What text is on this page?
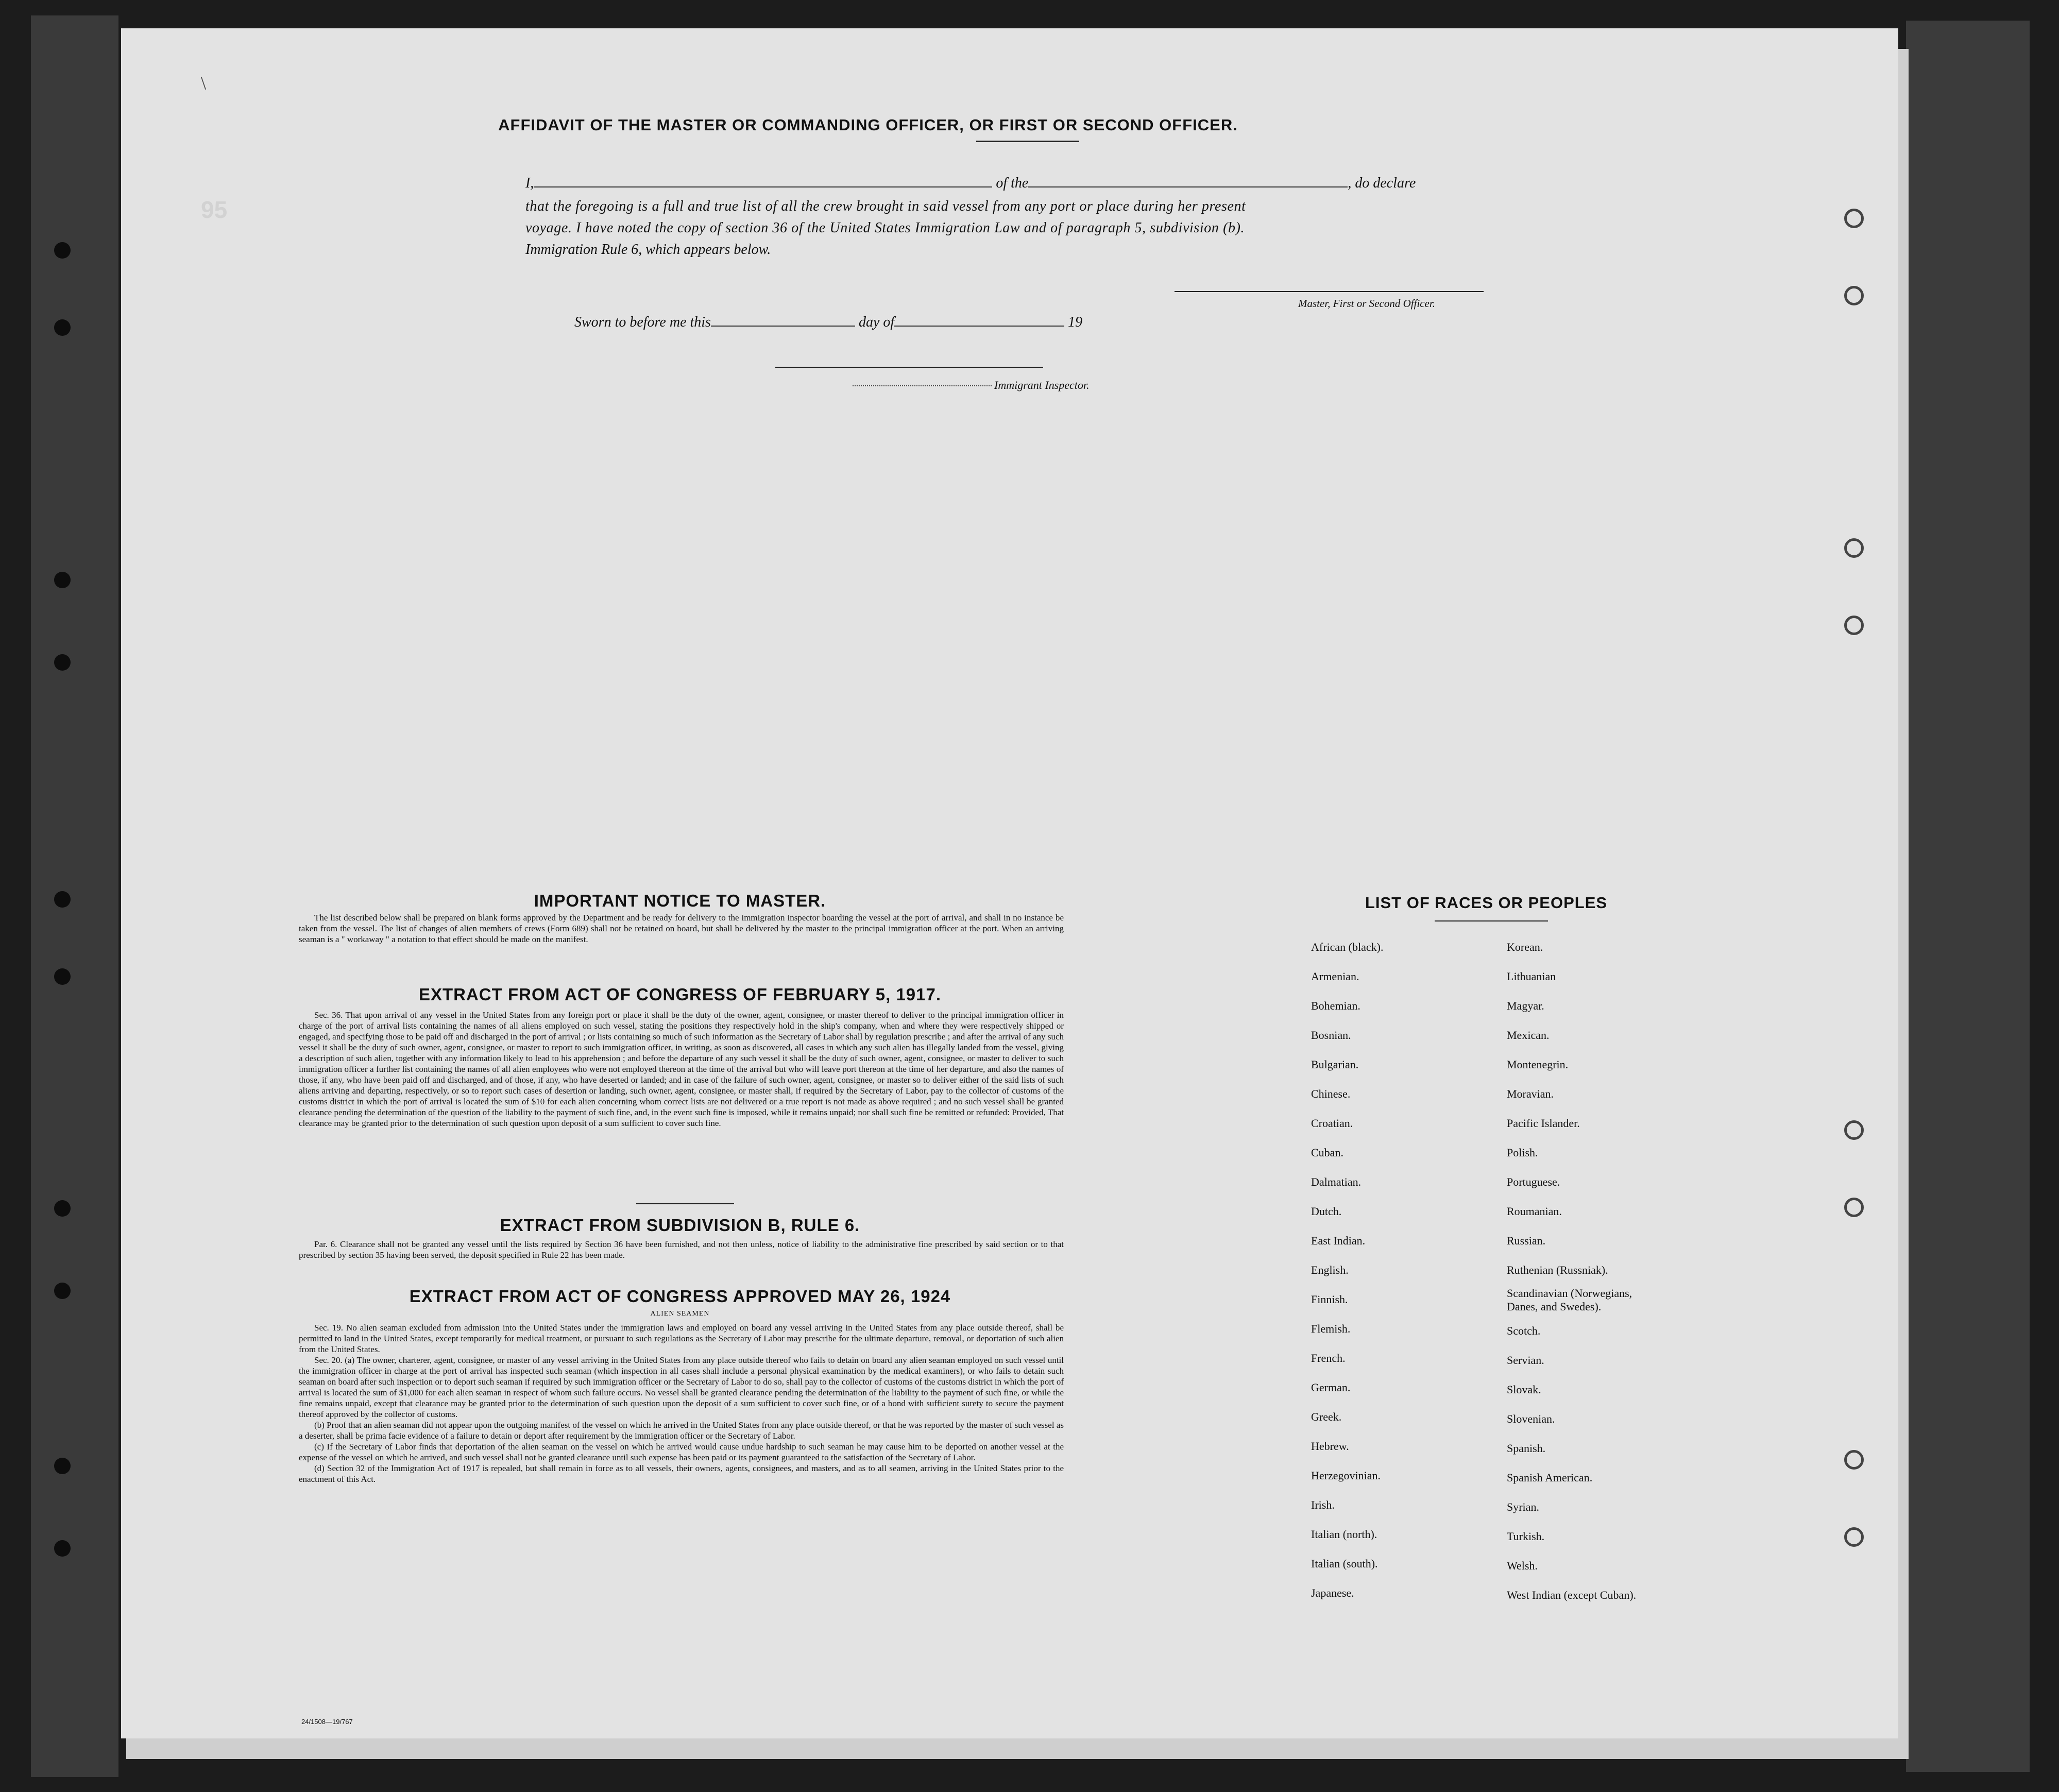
95
\
AFFIDAVIT OF THE MASTER OR COMMANDING OFFICER, OR FIRST OR SECOND OFFICER.
I,	of the	, do declare
that the foregoing is a full and true list of all the crew brought in said vessel from any port or place during her present
voyage. I have noted the copy of section 36 of the United States Immigration Law and of paragraph 5, subdivision (b).
Immigration Rule 6, which appears below.
Master, First or Second Officer.
Sworn to before me this	day of	19
Immigrant Inspector.
IMPORTANT NOTICE TO MASTER.

The list described below shall be prepared on blank forms approved by the Department and be ready for delivery to the immigration inspector boarding the vessel at the port of arrival, and shall in no instance be taken from the vessel. The list of changes of alien members of crews (Form 689) shall not be retained on board, but shall be delivered by the master to the principal immigration officer at the port. When an arriving seaman is a " workaway " a notation to that effect should be made on the manifest.

EXTRACT FROM ACT OF CONGRESS OF FEBRUARY 5, 1917.

Sec. 36. That upon arrival of any vessel in the United States from any foreign port or place it shall be the duty of the owner, agent, consignee, or master thereof to deliver to the principal immigration officer in charge of the port of arrival lists containing the names of all aliens employed on such vessel, stating the positions they respectively hold in the ship's company, when and where they were respectively shipped or engaged, and specifying those to be paid off and discharged in the port of arrival ; or lists containing so much of such information as the Secretary of Labor shall by regulation prescribe ; and after the arrival of any such vessel it shall be the duty of such owner, agent, consignee, or master to report to such immigration officer, in writing, as soon as discovered, all cases in which any such alien has illegally landed from the vessel, giving a description of such alien, together with any information likely to lead to his apprehension ; and before the departure of any such vessel it shall be the duty of such owner, agent, consignee, or master to deliver to such immigration officer a further list containing the names of all alien employees who were not employed thereon at the time of the arrival but who will leave port thereon at the time of her departure, and also the names of those, if any, who have been paid off and discharged, and of those, if any, who have deserted or landed; and in case of the failure of such owner, agent, consignee, or master so to deliver either of the said lists of such aliens arriving and departing, respectively, or so to report such cases of desertion or landing, such owner, agent, consignee, or master shall, if required by the Secretary of Labor, pay to the collector of customs of the customs district in which the port of arrival is located the sum of $10 for each alien concerning whom correct lists are not delivered or a true report is not made as above required ; and no such vessel shall be granted clearance pending the determination of the question of the liability to the payment of such fine, and, in the event such fine is imposed, while it remains unpaid; nor shall such fine be remitted or refunded: Provided, That clearance may be granted prior to the determination of such question upon deposit of a sum sufficient to cover such fine.

EXTRACT FROM SUBDIVISION B, RULE 6.

Par. 6. Clearance shall not be granted any vessel until the lists required by Section 36 have been furnished, and not then unless, notice of liability to the administrative fine prescribed by said section or to that prescribed by section 35 having been served, the deposit specified in Rule 22 has been made.

EXTRACT FROM ACT OF CONGRESS APPROVED MAY 26, 1924
ALIEN SEAMEN

Sec. 19. No alien seaman excluded from admission into the United States under the immigration laws and employed on board any vessel arriving in the United States from any place outside thereof, shall be permitted to land in the United States, except temporarily for medical treatment, or pursuant to such regulations as the Secretary of Labor may prescribe for the ultimate departure, removal, or deportation of such alien from the United States.

Sec. 20. (a) The owner, charterer, agent, consignee, or master of any vessel arriving in the United States from any place outside thereof who fails to detain on board any alien seaman employed on such vessel until the immigration officer in charge at the port of arrival has inspected such seaman (which inspection in all cases shall include a personal physical examination by the medical examiners), or who fails to detain such seaman on board after such inspection or to deport such seaman if required by such immigration officer or the Secretary of Labor to do so, shall pay to the collector of customs of the customs district in which the port of arrival is located the sum of $1,000 for each alien seaman in respect of whom such failure occurs. No vessel shall be granted clearance pending the determination of the liability to the payment of such fine, or while the fine remains unpaid, except that clearance may be granted prior to the determination of such question upon the deposit of a sum sufficient to cover such fine, or of a bond with sufficient surety to secure the payment thereof approved by the collector of customs.

(b) Proof that an alien seaman did not appear upon the outgoing manifest of the vessel on which he arrived in the United States from any place outside thereof, or that he was reported by the master of such vessel as a deserter, shall be prima facie evidence of a failure to detain or deport after requirement by the immigration officer or the Secretary of Labor.

(c) If the Secretary of Labor finds that deportation of the alien seaman on the vessel on which he arrived would cause undue hardship to such seaman he may cause him to be deported on another vessel at the expense of the vessel on which he arrived, and such vessel shall not be granted clearance until such expense has been paid or its payment guaranteed to the satisfaction of the Secretary of Labor.

(d) Section 32 of the Immigration Act of 1917 is repealed, but shall remain in force as to all vessels, their owners, agents, consignees, and masters, and as to all seamen, arriving in the United States prior to the enactment of this Act.

LIST OF RACES OR PEOPLES
African (black).
Armenian.
Bohemian.
Bosnian.
Bulgarian.
Chinese.
Croatian.
Cuban.
Dalmatian.
Dutch.
East Indian.
English.
Finnish.
Flemish.
French.
German.
Greek.
Hebrew.
Herzegovinian.
Irish.
Italian (north).
Italian (south).
Japanese.
Korean.
Lithuanian
Magyar.
Mexican.
Montenegrin.
Moravian.
Pacific Islander.
Polish.
Portuguese.
Roumanian.
Russian.
Ruthenian (Russniak).
Scandinavian (Norwegians, Danes, and Swedes).
Scotch.
Servian.
Slovak.
Slovenian.
Spanish.
Spanish American.
Syrian.
Turkish.
Welsh.
West Indian (except Cuban).
24/1508—19/767
